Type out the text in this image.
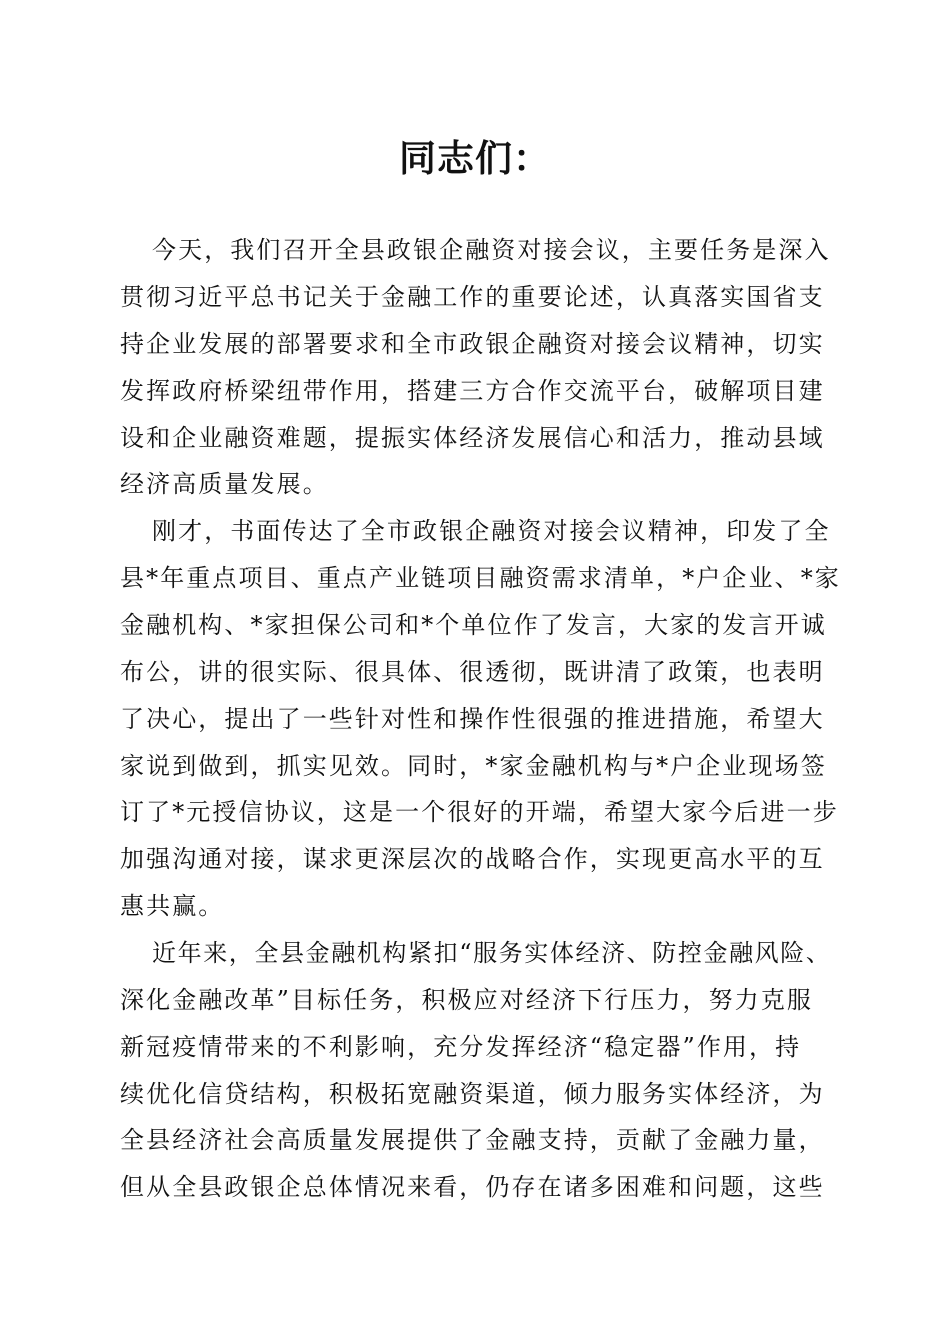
同志们：

今天，我们召开全县政银企融资对接会议，主要任务是深入

贯彻习近平总书记关于金融工作的重要论述，认真落实国省支

持企业发展的部署要求和全市政银企融资对接会议精神，切实

发挥政府桥梁纽带作用，搭建三方合作交流平台，破解项目建

设和企业融资难题，提振实体经济发展信心和活力，推动县域

经济高质量发展。

刚才，书面传达了全市政银企融资对接会议精神，印发了全

县*年重点项目、重点产业链项目融资需求清单，*户企业、*家

金融机构、*家担保公司和*个单位作了发言，大家的发言开诚

布公，讲的很实际、很具体、很透彻，既讲清了政策，也表明

了决心，提出了一些针对性和操作性很强的推进措施，希望大

家说到做到，抓实见效。同时，*家金融机构与*户企业现场签

订了*元授信协议，这是一个很好的开端，希望大家今后进一步

加强沟通对接，谋求更深层次的战略合作，实现更高水平的互

惠共赢。

近年来，全县金融机构紧扣“服务实体经济、防控金融风险、

深化金融改革”目标任务，积极应对经济下行压力，努力克服

新冠疫情带来的不利影响，充分发挥经济“稳定器”作用，持

续优化信贷结构，积极拓宽融资渠道，倾力服务实体经济，为

全县经济社会高质量发展提供了金融支持，贡献了金融力量，

但从全县政银企总体情况来看，仍存在诸多困难和问题，这些
